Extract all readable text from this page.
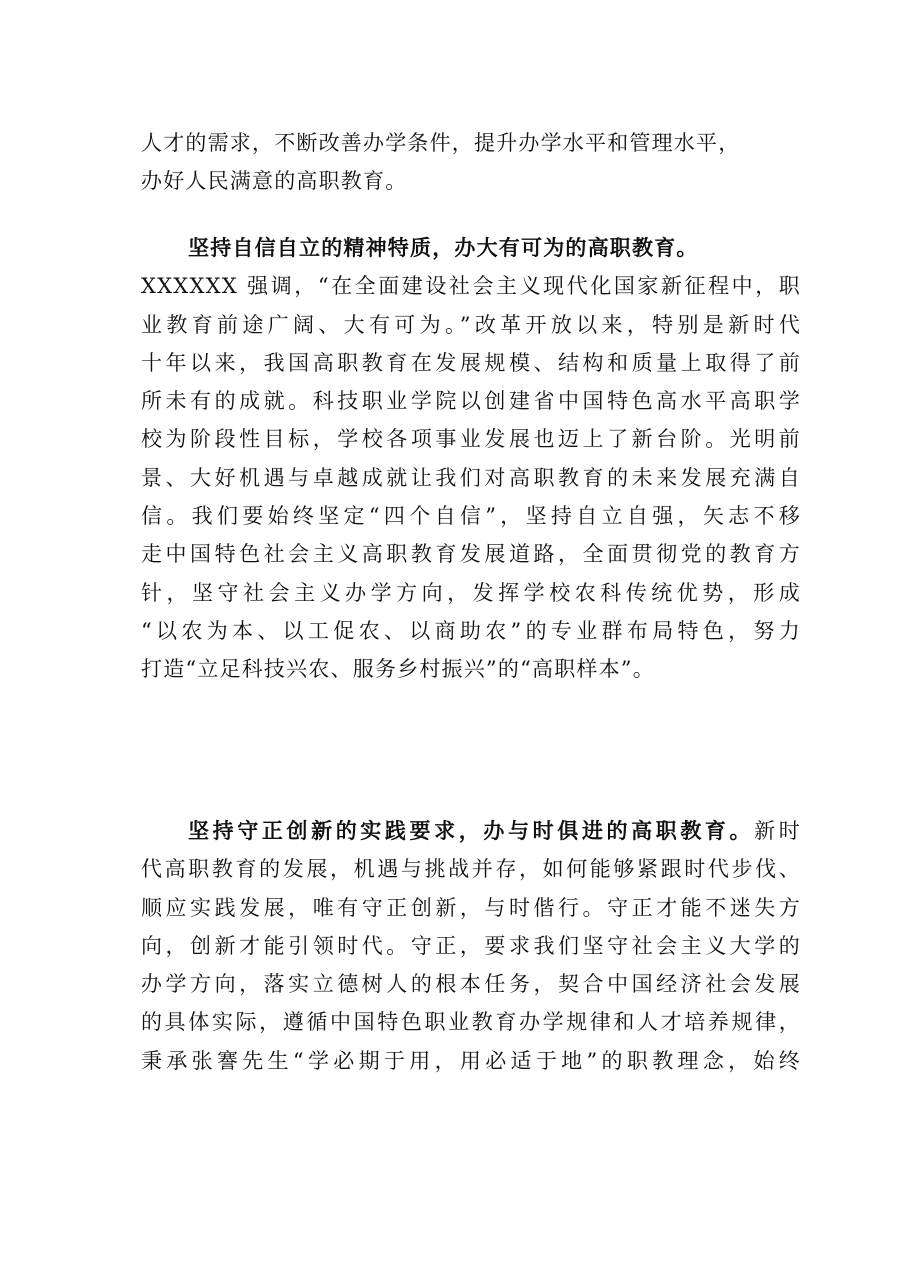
人才的需求，不断改善办学条件，提升办学水平和管理水平，
办好人民满意的高职教育。
坚持自信自立的精神特质，办大有可为的高职教育。
XXXXXX 强调，“在全面建设社会主义现代化国家新征程中，职
业教育前途广阔、大有可为。”改革开放以来，特别是新时代
十年以来，我国高职教育在发展规模、结构和质量上取得了前
所未有的成就。科技职业学院以创建省中国特色高水平高职学
校为阶段性目标，学校各项事业发展也迈上了新台阶。光明前
景、大好机遇与卓越成就让我们对高职教育的未来发展充满自
信。我们要始终坚定“四个自信”，坚持自立自强，矢志不移
走中国特色社会主义高职教育发展道路，全面贯彻党的教育方
针，坚守社会主义办学方向，发挥学校农科传统优势，形成
“以农为本、以工促农、以商助农”的专业群布局特色，努力
打造“立足科技兴农、服务乡村振兴”的“高职样本”。
坚持守正创新的实践要求，办与时俱进的高职教育。新时
代高职教育的发展，机遇与挑战并存，如何能够紧跟时代步伐、
顺应实践发展，唯有守正创新，与时偕行。守正才能不迷失方
向，创新才能引领时代。守正，要求我们坚守社会主义大学的
办学方向，落实立德树人的根本任务，契合中国经济社会发展
的具体实际，遵循中国特色职业教育办学规律和人才培养规律，
秉承张謇先生“学必期于用，用必适于地”的职教理念，始终
